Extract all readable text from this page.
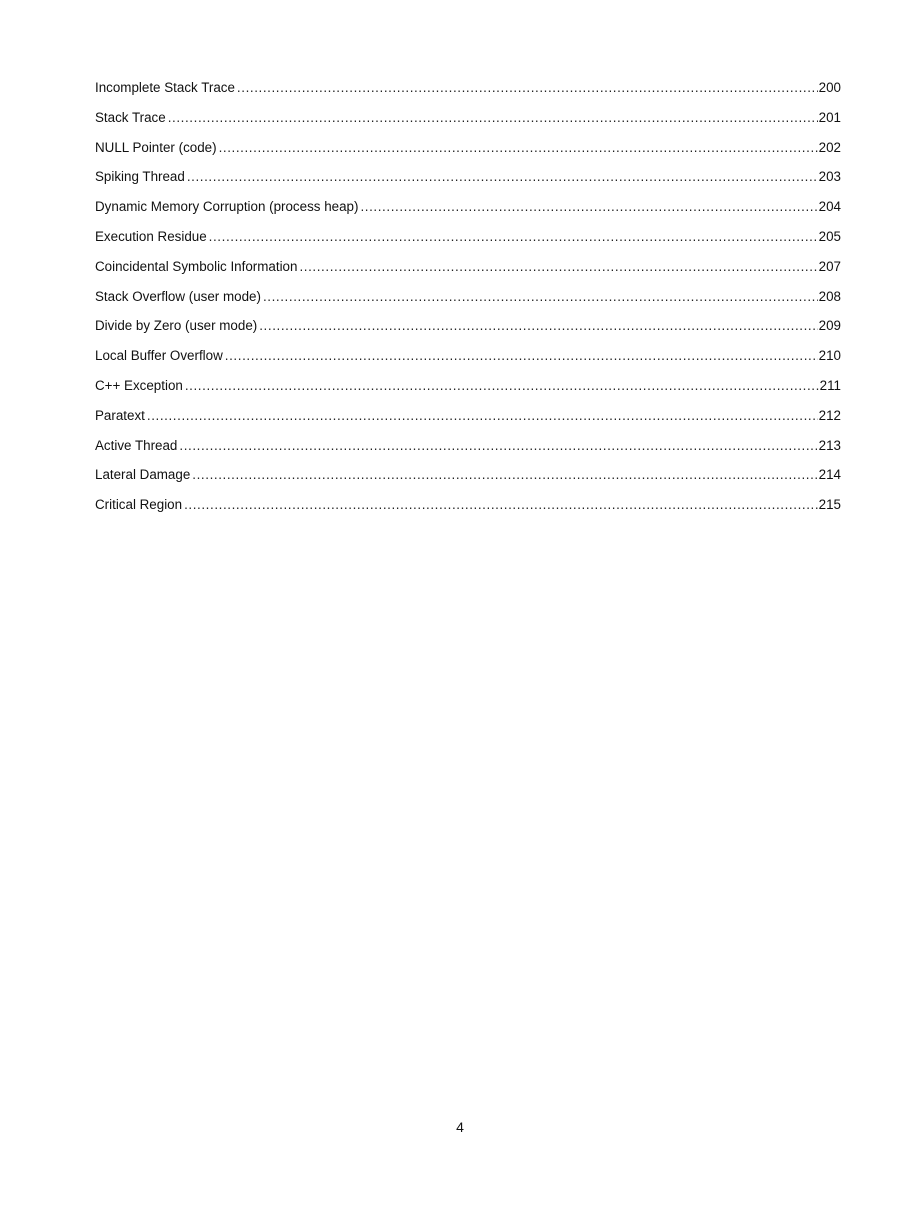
Incomplete Stack Trace .....	200
Stack Trace .....	201
NULL Pointer (code) .....	202
Spiking Thread .....	203
Dynamic Memory Corruption (process heap) .....	204
Execution Residue .....	205
Coincidental Symbolic Information .....	207
Stack Overflow (user mode) .....	208
Divide by Zero (user mode) .....	209
Local Buffer Overflow .....	210
C++ Exception .....	211
Paratext .....	212
Active Thread .....	213
Lateral Damage .....	214
Critical Region .....	215
4
